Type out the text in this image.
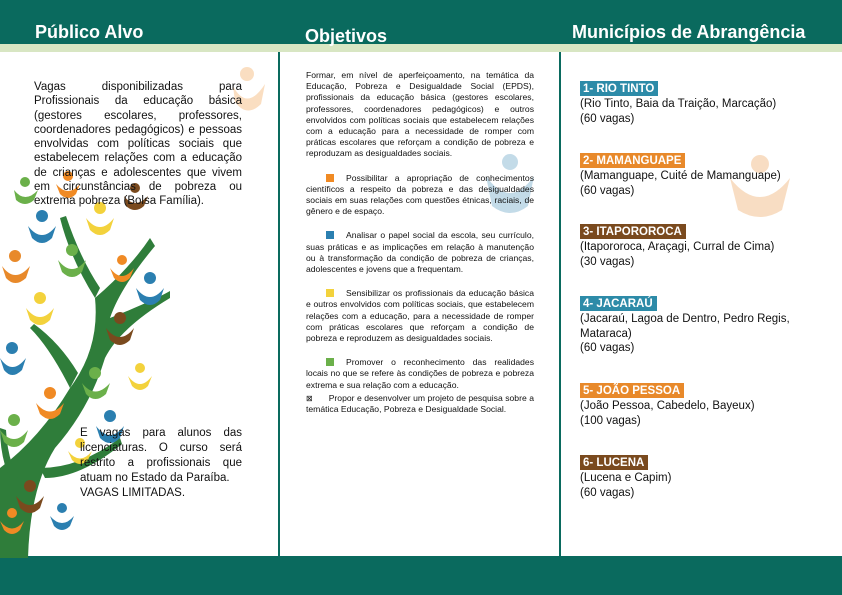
Público Alvo	Objetivos	Municípios de Abrangência
Vagas disponibilizadas para Profissionais da educação básica (gestores escolares, professores, coordenadores pedagógicos) e pessoas envolvidas com políticas sociais que estabelecem relações com a educação de crianças e adolescentes que vivem em circunstâncias de pobreza ou extrema pobreza (Bolsa Família).
E vagas para alunos das licenciaturas. O curso será restrito a profissionais que atuam no Estado da Paraíba.
VAGAS LIMITADAS.

Formar, em nível de aperfeiçoamento, na temática da Educação, Pobreza e Desigualdade Social (EPDS), profissionais da educação básica (gestores escolares, professores, coordenadores pedagógicos) e outros envolvidos com políticas sociais que estabelecem relações com a educação para a necessidade de romper com práticas escolares que reforçam a condição de pobreza e reproduzam as desigualdades sociais.

Possibilitar a apropriação de conhecimentos científicos a respeito da pobreza e das desigualdades sociais em suas relações com questões étnicas, raciais, de gênero e de espaço.

Analisar o papel social da escola, seu currículo, suas práticas e as implicações em relação à manutenção ou à transformação da condição de pobreza de crianças, adolescentes e jovens que a frequentam.

Sensibilizar os profissionais da educação básica e outros envolvidos com políticas sociais, que estabelecem relações com a educação, para a necessidade de romper com práticas escolares que reforçam a condição de pobreza e reproduzem as desigualdades sociais.

Promover o reconhecimento das realidades locais no que se refere às condições de pobreza e pobreza extrema e sua relação com a educação.

⊠ Propor e desenvolver um projeto de pesquisa sobre a temática Educação, Pobreza e Desigualdade Social.

1- RIO TINTO
(Rio Tinto, Baia da Traição, Marcação)
(60 vagas)
2- MAMANGUAPE
(Mamanguape, Cuité de Mamanguape)
(60 vagas)
3- ITAPOROROCA
(Itapororoca, Araçagi, Curral de Cima)
(30 vagas)
4- JACARAÚ
(Jacaraú, Lagoa de Dentro, Pedro Regis, Mataraca)
(60 vagas)
5- JOÃO PESSOA
(João Pessoa, Cabedelo, Bayeux)
(100 vagas)
6- LUCENA
(Lucena e Capim)
(60 vagas)
